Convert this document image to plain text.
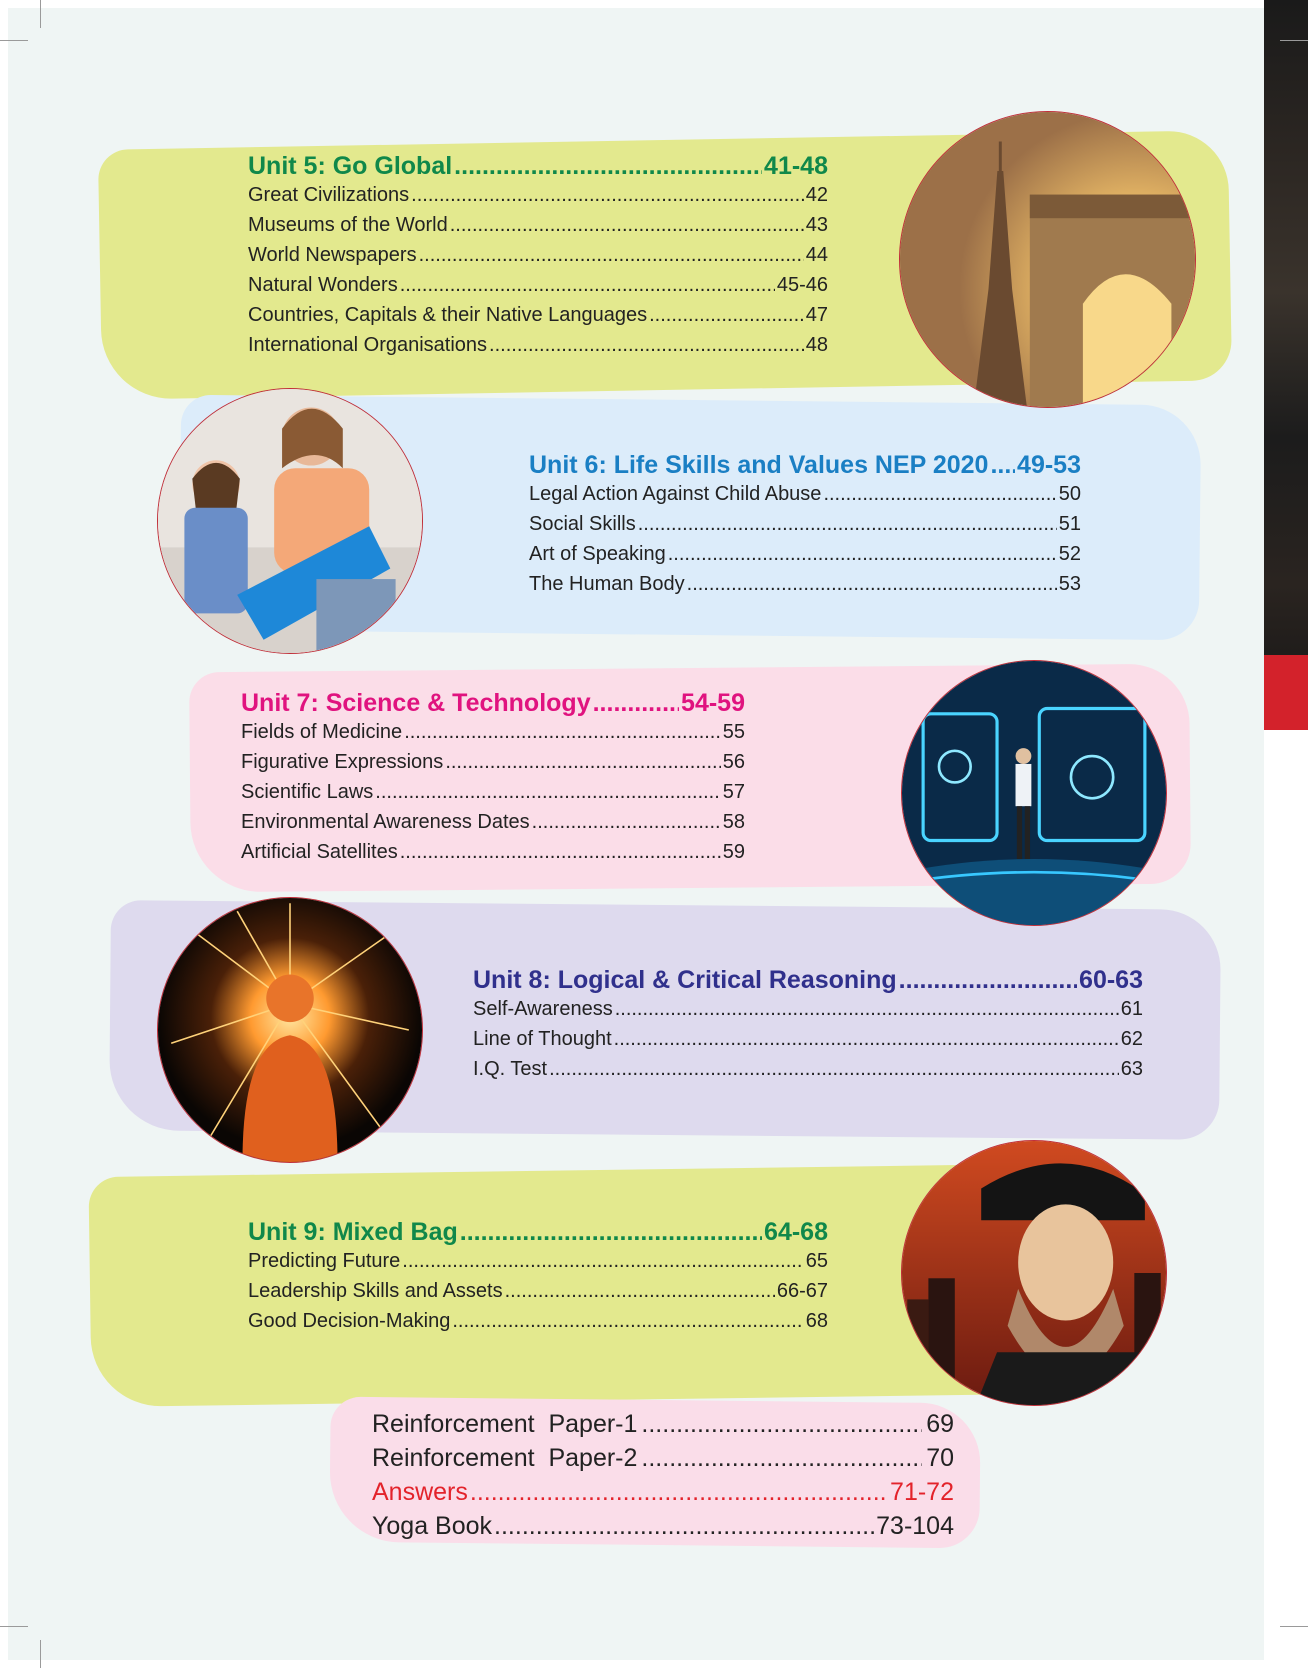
Unit 5: Go Global .....	41-48
Great Civilizations .....	42
Museums of the World .....	43
World Newspapers .....	44
Natural Wonders .....	45-46
Countries, Capitals & their Native Languages .....	47
International Organisations .....	48
Unit 6: Life Skills and Values NEP 2020 ..... 49-53
Legal Action Against Child Abuse .....	50
Social Skills .....	51
Art of Speaking .....	52
The Human Body .....	53
Unit 7: Science & Technology .....	54-59
Fields of Medicine .....	55
Figurative Expressions .....	56
Scientific Laws .....	57
Environmental Awareness Dates .....	58
Artificial Satellites .....	59
Unit 8: Logical & Critical Reasoning .....	60-63
Self-Awareness .....	61
Line of Thought .....	62
I.Q. Test .....	63
Unit 9: Mixed Bag .....	64-68
Predicting Future .....	65
Leadership Skills and Assets .....	66-67
Good Decision-Making .....	68
Reinforcement  Paper-1 .....	69
Reinforcement  Paper-2 .....	70
Answers .....	71-72
Yoga Book .....	73-104
